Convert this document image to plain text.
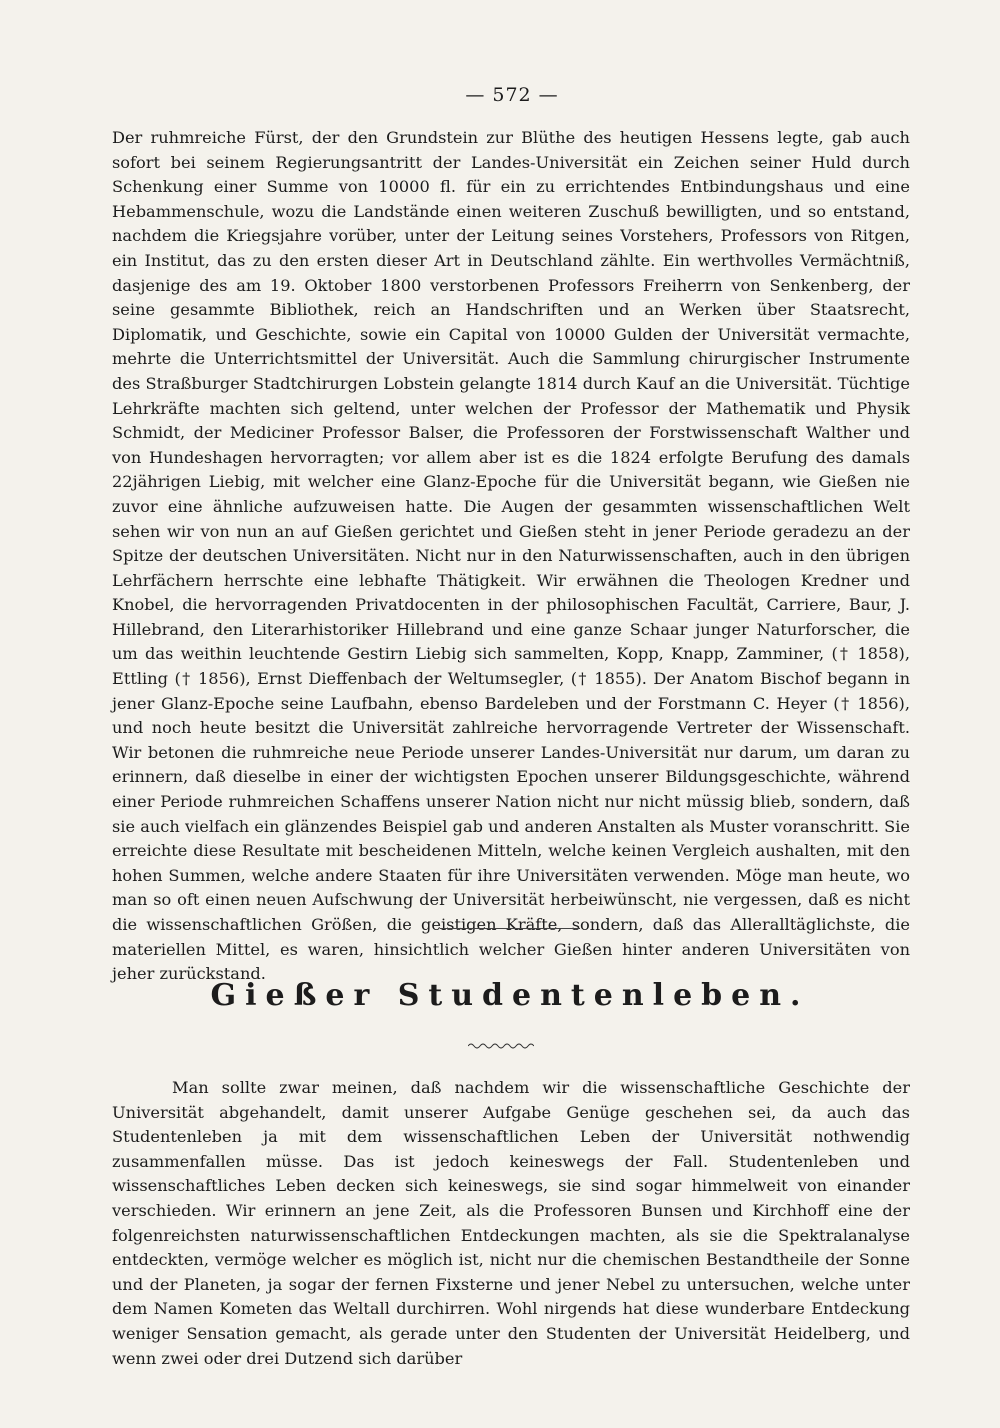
— 572 —

Der ruhmreiche Fürst, der den Grundstein zur Blüthe des heutigen Hessens legte, gab auch sofort bei seinem Regierungsantritt der Landes-Universität ein Zeichen seiner Huld durch Schenkung einer Summe von 10000 fl. für ein zu errichtendes Entbindungshaus und eine Hebammenschule, wozu die Landstände einen weiteren Zuschuß bewilligten, und so entstand, nachdem die Kriegsjahre vorüber, unter der Leitung seines Vorstehers, Professors von Ritgen, ein Institut, das zu den ersten dieser Art in Deutschland zählte. Ein werthvolles Vermächtniß, dasjenige des am 19. Oktober 1800 verstorbenen Professors Freiherrn von Senkenberg, der seine gesammte Bibliothek, reich an Handschriften und an Werken über Staatsrecht, Diplomatik, und Geschichte, sowie ein Capital von 10000 Gulden der Universität vermachte, mehrte die Unterrichtsmittel der Universität. Auch die Sammlung chirurgischer Instrumente des Straßburger Stadtchirurgen Lobstein gelangte 1814 durch Kauf an die Universität. Tüchtige Lehrkräfte machten sich geltend, unter welchen der Professor der Mathematik und Physik Schmidt, der Mediciner Professor Balser, die Professoren der Forstwissenschaft Walther und von Hundeshagen hervorragten; vor allem aber ist es die 1824 erfolgte Berufung des damals 22jährigen Liebig, mit welcher eine Glanz-Epoche für die Universität begann, wie Gießen nie zuvor eine ähnliche aufzuweisen hatte. Die Augen der gesammten wissenschaftlichen Welt sehen wir von nun an auf Gießen gerichtet und Gießen steht in jener Periode geradezu an der Spitze der deutschen Universitäten. Nicht nur in den Naturwissenschaften, auch in den übrigen Lehrfächern herrschte eine lebhafte Thätigkeit. Wir erwähnen die Theologen Kredner und Knobel, die hervorragenden Privatdocenten in der philosophischen Facultät, Carriere, Baur, J. Hillebrand, den Literarhistoriker Hillebrand und eine ganze Schaar junger Naturforscher, die um das weithin leuchtende Gestirn Liebig sich sammelten, Kopp, Knapp, Zamminer, († 1858), Ettling († 1856), Ernst Dieffenbach der Weltumsegler, († 1855). Der Anatom Bischof begann in jener Glanz-Epoche seine Laufbahn, ebenso Bardeleben und der Forstmann C. Heyer († 1856), und noch heute besitzt die Universität zahlreiche hervorragende Vertreter der Wissenschaft. Wir betonen die ruhmreiche neue Periode unserer Landes-Universität nur darum, um daran zu erinnern, daß dieselbe in einer der wichtigsten Epochen unserer Bildungsgeschichte, während einer Periode ruhmreichen Schaffens unserer Nation nicht nur nicht müssig blieb, sondern, daß sie auch vielfach ein glänzendes Beispiel gab und anderen Anstalten als Muster voranschritt. Sie erreichte diese Resultate mit bescheidenen Mitteln, welche keinen Vergleich aushalten, mit den hohen Summen, welche andere Staaten für ihre Universitäten verwenden. Möge man heute, wo man so oft einen neuen Aufschwung der Universität herbeiwünscht, nie vergessen, daß es nicht die wissenschaftlichen Größen, die geistigen Kräfte, sondern, daß das Alleralltäglichste, die materiellen Mittel, es waren, hinsichtlich welcher Gießen hinter anderen Universitäten von jeher zurückstand.

Gießer Studentenleben.

Man sollte zwar meinen, daß nachdem wir die wissenschaftliche Geschichte der Universität abgehandelt, damit unserer Aufgabe Genüge geschehen sei, da auch das Studentenleben ja mit dem wissenschaftlichen Leben der Universität nothwendig zusammenfallen müsse. Das ist jedoch keineswegs der Fall. Studentenleben und wissenschaftliches Leben decken sich keineswegs, sie sind sogar himmelweit von einander verschieden. Wir erinnern an jene Zeit, als die Professoren Bunsen und Kirchhoff eine der folgenreichsten naturwissenschaftlichen Entdeckungen machten, als sie die Spektralanalyse entdeckten, vermöge welcher es möglich ist, nicht nur die chemischen Bestandtheile der Sonne und der Planeten, ja sogar der fernen Fixsterne und jener Nebel zu untersuchen, welche unter dem Namen Kometen das Weltall durchirren. Wohl nirgends hat diese wunderbare Entdeckung weniger Sensation gemacht, als gerade unter den Studenten der Universität Heidelberg, und wenn zwei oder drei Dutzend sich darüber
